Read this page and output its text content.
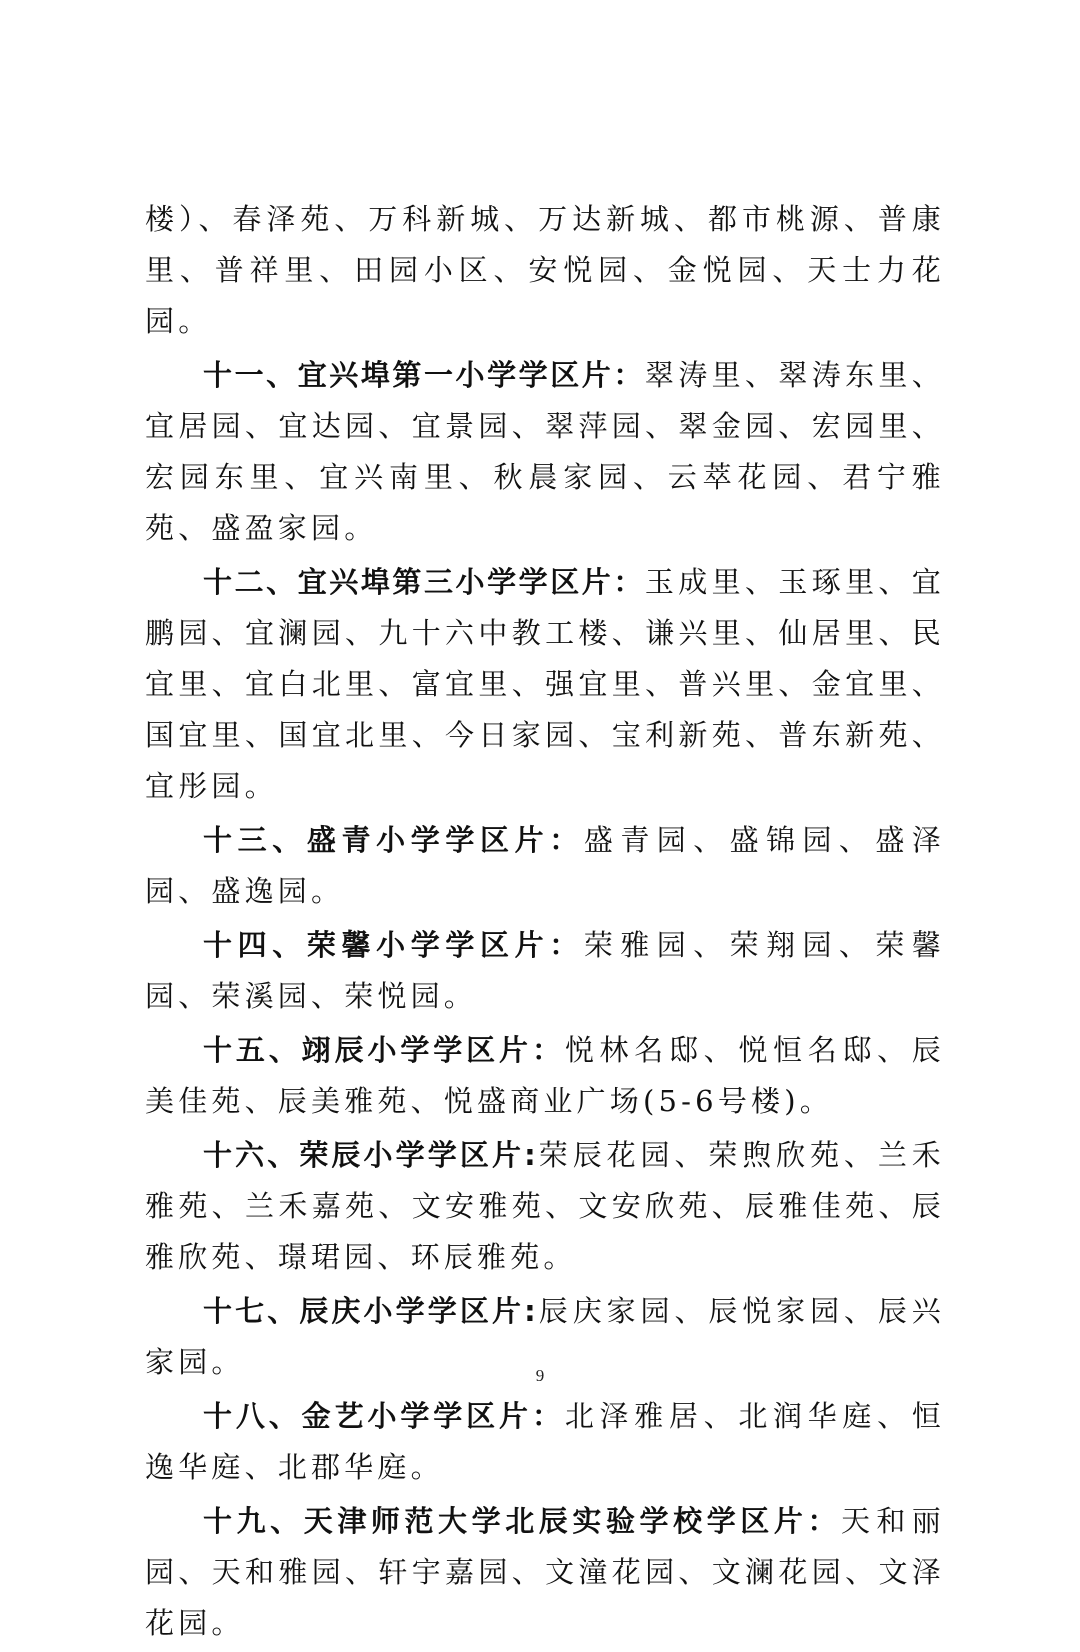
楼）、春泽苑、万科新城、万达新城、都市桃源、普康里、普祥里、田园小区、安悦园、金悦园、天士力花园。

十一、宜兴埠第一小学学区片：翠涛里、翠涛东里、宜居园、宜达园、宜景园、翠萍园、翠金园、宏园里、宏园东里、宜兴南里、秋晨家园、云萃花园、君宁雅苑、盛盈家园。

十二、宜兴埠第三小学学区片：玉成里、玉琢里、宜鹏园、宜澜园、九十六中教工楼、谦兴里、仙居里、民宜里、宜白北里、富宜里、强宜里、普兴里、金宜里、国宜里、国宜北里、今日家园、宝利新苑、普东新苑、宜彤园。

十三、盛青小学学区片：盛青园、盛锦园、盛泽园、盛逸园。

十四、荣馨小学学区片：荣雅园、荣翔园、荣馨园、荣溪园、荣悦园。

十五、翊辰小学学区片：悦林名邸、悦恒名邸、辰美佳苑、辰美雅苑、悦盛商业广场(5-6号楼)。

十六、荣辰小学学区片:荣辰花园、荣煦欣苑、兰禾雅苑、兰禾嘉苑、文安雅苑、文安欣苑、辰雅佳苑、辰雅欣苑、璟珺园、环辰雅苑。

十七、辰庆小学学区片:辰庆家园、辰悦家园、辰兴家园。

十八、金艺小学学区片：北泽雅居、北润华庭、恒逸华庭、北郡华庭。

十九、天津师范大学北辰实验学校学区片：天和丽园、天和雅园、轩宇嘉园、文潼花园、文澜花园、文泽花园。

9
